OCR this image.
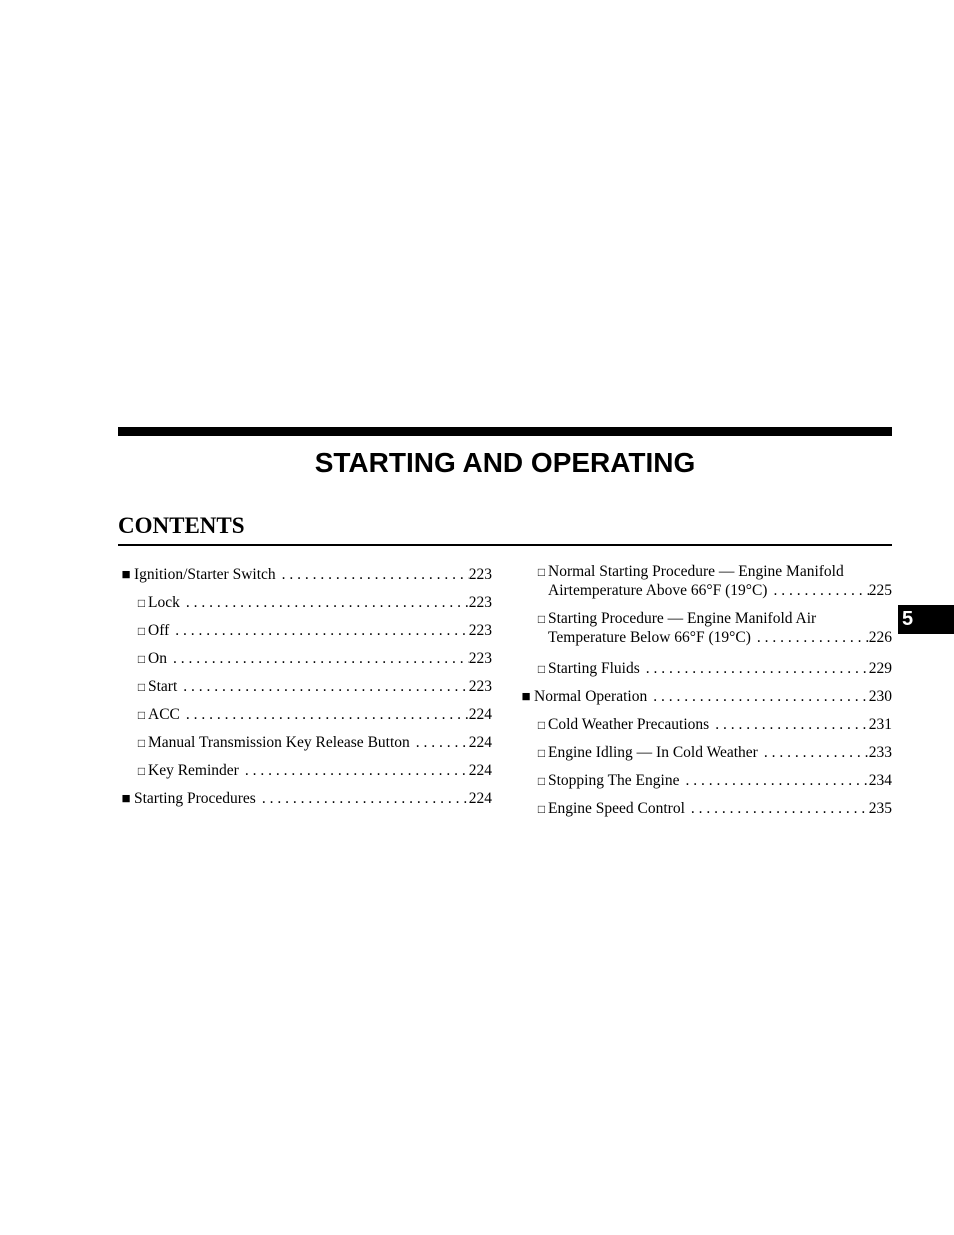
STARTING AND OPERATING
CONTENTS
■ Ignition/Starter Switch . . .	223
□ Lock . . .	223
□ Off . . .	223
□ On . . .	223
□ Start . . .	223
□ ACC . . .	224
□ Manual Transmission Key Release Button . . .	224
□ Key Reminder . . .	224
■ Starting Procedures . . .	224
□ Normal Starting Procedure — Engine Manifold
Airtemperature Above 66°F (19°C) . . .	225
□ Starting Procedure — Engine Manifold Air
Temperature Below 66°F (19°C) . . .	226
□ Starting Fluids . . .	229
■ Normal Operation . . .	230
□ Cold Weather Precautions . . .	231
□ Engine Idling — In Cold Weather . . .	233
□ Stopping The Engine . . .	234
□ Engine Speed Control . . .	235
5
